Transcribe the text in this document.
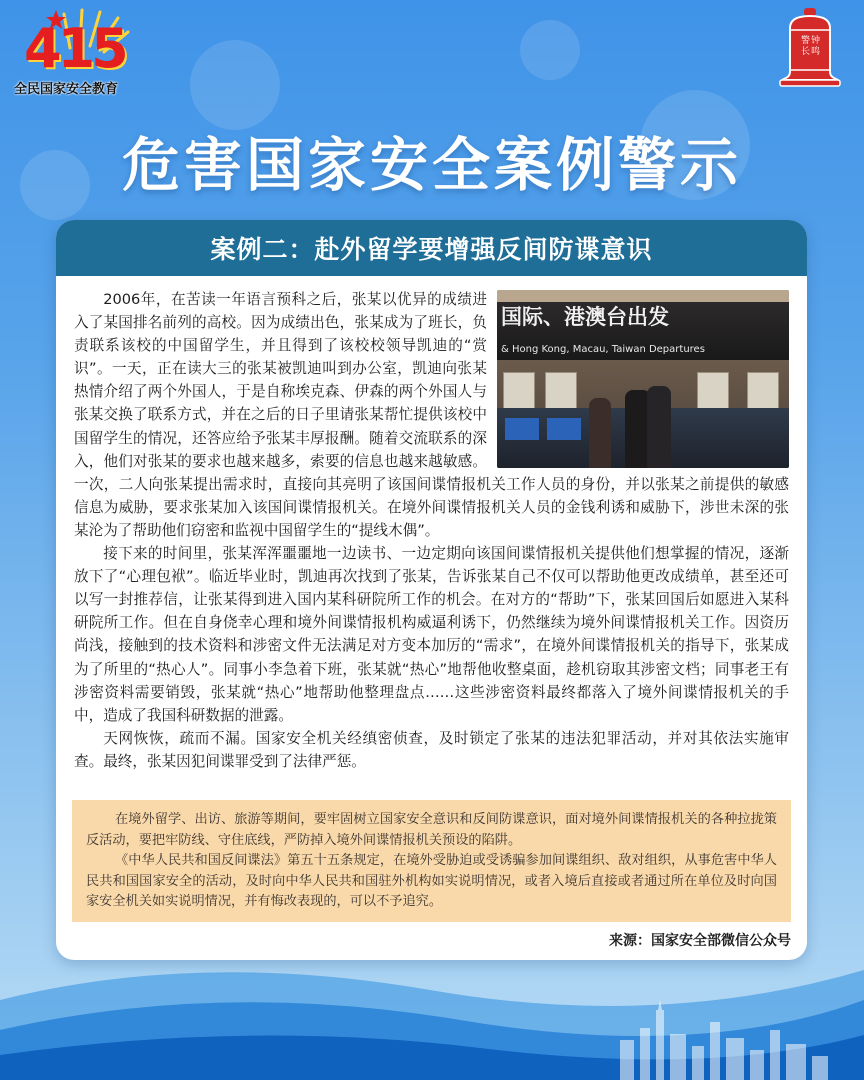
415
全民国家安全教育
警钟
长鸣
危害国家安全案例警示
案例二：赴外留学要增强反间防谍意识
国际、港澳台出发
& Hong Kong, Macau, Taiwan Departures

2006年，在苦读一年语言预科之后，张某以优异的成绩进入了某国排名前列的高校。因为成绩出色，张某成为了班长，负责联系该校的中国留学生，并且得到了该校校领导凯迪的“赏识”。一天，正在读大三的张某被凯迪叫到办公室，凯迪向张某热情介绍了两个外国人，于是自称埃克森、伊森的两个外国人与张某交换了联系方式，并在之后的日子里请张某帮忙提供该校中国留学生的情况，还答应给予张某丰厚报酬。随着交流联系的深入，他们对张某的要求也越来越多，索要的信息也越来越敏感。一次，二人向张某提出需求时，直接向其亮明了该国间谍情报机关工作人员的身份，并以张某之前提供的敏感信息为威胁，要求张某加入该国间谍情报机关。在境外间谍情报机关人员的金钱利诱和威胁下，涉世未深的张某沦为了帮助他们窃密和监视中国留学生的“提线木偶”。

接下来的时间里，张某浑浑噩噩地一边读书、一边定期向该国间谍情报机关提供他们想掌握的情况，逐渐放下了“心理包袱”。临近毕业时，凯迪再次找到了张某，告诉张某自己不仅可以帮助他更改成绩单，甚至还可以写一封推荐信，让张某得到进入国内某科研院所工作的机会。在对方的“帮助”下，张某回国后如愿进入某科研院所工作。但在自身侥幸心理和境外间谍情报机构威逼利诱下，仍然继续为境外间谍情报机关工作。因资历尚浅，接触到的技术资料和涉密文件无法满足对方变本加厉的“需求”，在境外间谍情报机关的指导下，张某成为了所里的“热心人”。同事小李急着下班，张某就“热心”地帮他收整桌面，趁机窃取其涉密文档；同事老王有涉密资料需要销毁，张某就“热心”地帮助他整理盘点……这些涉密资料最终都落入了境外间谍情报机关的手中，造成了我国科研数据的泄露。

天网恢恢，疏而不漏。国家安全机关经缜密侦查，及时锁定了张某的违法犯罪活动，并对其依法实施审查。最终，张某因犯间谍罪受到了法律严惩。

在境外留学、出访、旅游等期间，要牢固树立国家安全意识和反间防谍意识，面对境外间谍情报机关的各种拉拢策反活动，要把牢防线、守住底线，严防掉入境外间谍情报机关预设的陷阱。

《中华人民共和国反间谍法》第五十五条规定，在境外受胁迫或受诱骗参加间谍组织、敌对组织，从事危害中华人民共和国国家安全的活动，及时向中华人民共和国驻外机构如实说明情况，或者入境后直接或者通过所在单位及时向国家安全机关如实说明情况，并有悔改表现的，可以不予追究。

来源：国家安全部微信公众号
